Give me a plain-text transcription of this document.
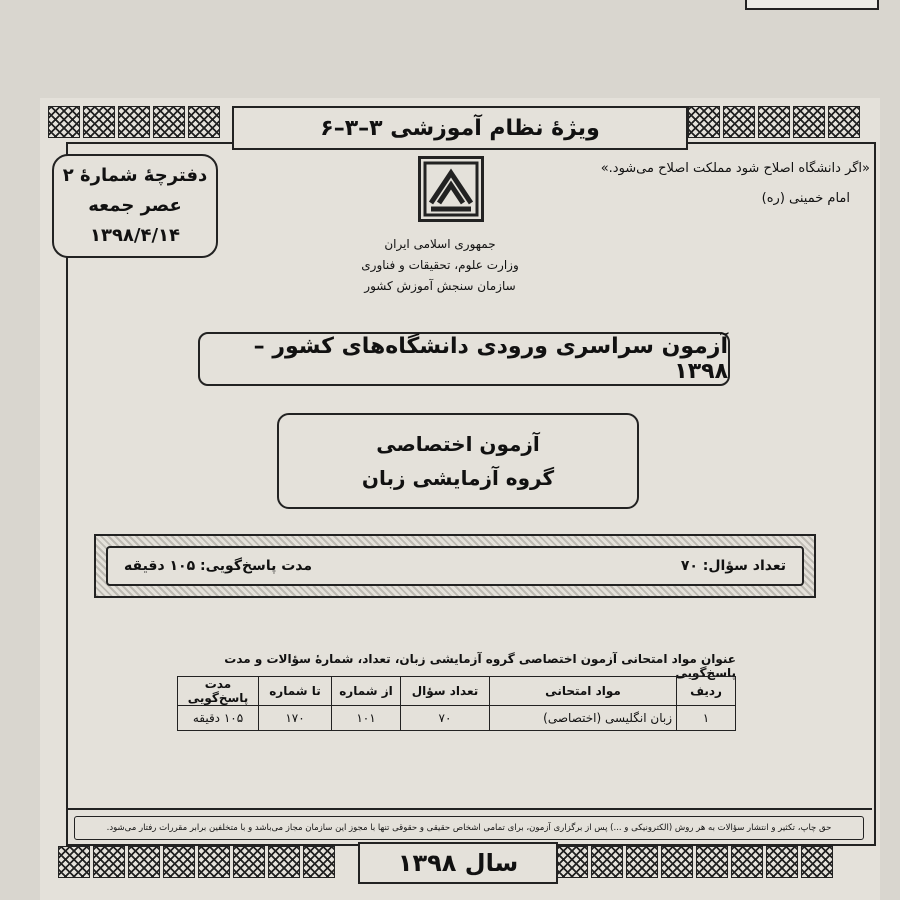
ویژهٔ نظام آموزشی ۳–۳–۶
دفترچهٔ شمارهٔ ۲
عصر جمعه
۱۳۹۸/۴/۱۴
«اگر دانشگاه اصلاح شود مملکت اصلاح می‌شود.»
امام خمینی (ره)
جمهوری اسلامی ایران
وزارت علوم، تحقیقات و فناوری
سازمان سنجش آموزش کشور
آزمون سراسری ورودی دانشگاه‌های کشور – ۱۳۹۸
آزمون اختصاصی
گروه آزمایشی زبان
تعداد سؤال: ۷۰
مدت پاسخ‌گویی: ۱۰۵ دقیقه
عنوان مواد امتحانی آزمون اختصاصی گروه آزمایشی زبان، تعداد، شمارهٔ سؤالات و مدت پاسخ‌گویی
ردیف	مواد امتحانی	تعداد سؤال	از شماره	تا شماره	مدت پاسخ‌گویی
۱	زبان انگلیسی (اختصاصی)	۷۰	۱۰۱	۱۷۰	۱۰۵ دقیقه
حق چاپ، تکثیر و انتشار سؤالات به هر روش (الکترونیکی و ...) پس از برگزاری آزمون، برای تمامی اشخاص حقیقی و حقوقی تنها با مجوز این سازمان مجاز می‌باشد و با متخلفین برابر مقررات رفتار می‌شود.
سال ۱۳۹۸
